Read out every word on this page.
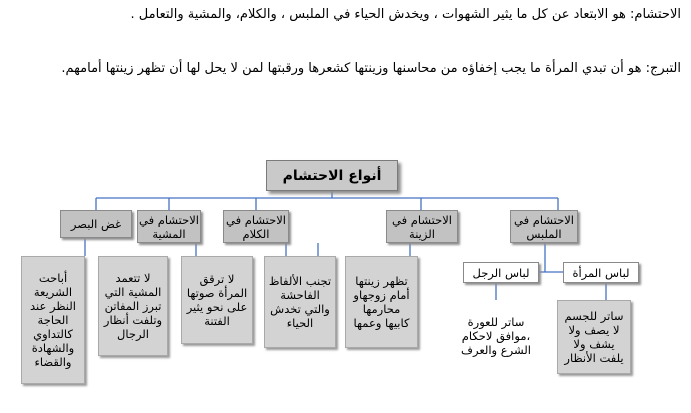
الاحتشام: هو الابتعاد عن كل ما يثير الشهوات ، ويخدش الحياء في الملبس ، والكلام، والمشية والتعامل .
التبرج: هو أن تبدي المرأة ما يجب إخفاؤه من محاسنها وزينتها كشعرها ورقبتها لمن لا يحل لها أن تظهر زينتها أمامهم.
أنواع الاحتشام
غض البصر	الاحتشام في المشية
الاحتشام في الكلام
الاحتشام في الزينة
الاحتشام في الملبس
لباس الرجل	لباس المرأة
أباحت الشريعة النظر عند الحاجة كالتداوي والشهادة والقضاء
لا تتعمد المشية التي تبرز المفاتن وتلفت أنظار الرجال
لا ترقق المرأة صوتها على نحو يثير الفتنة
تجنب الألفاظ الفاحشة والتي تخدش الحياء
تظهر زينتها أمام زوجهاو محارمها كابيها وعمها	ساتر للعورة ،موافق لاحكام الشرع والعرف
ساتر للجسم لا يصف ولا يشف ولا يلفت الأنظار
